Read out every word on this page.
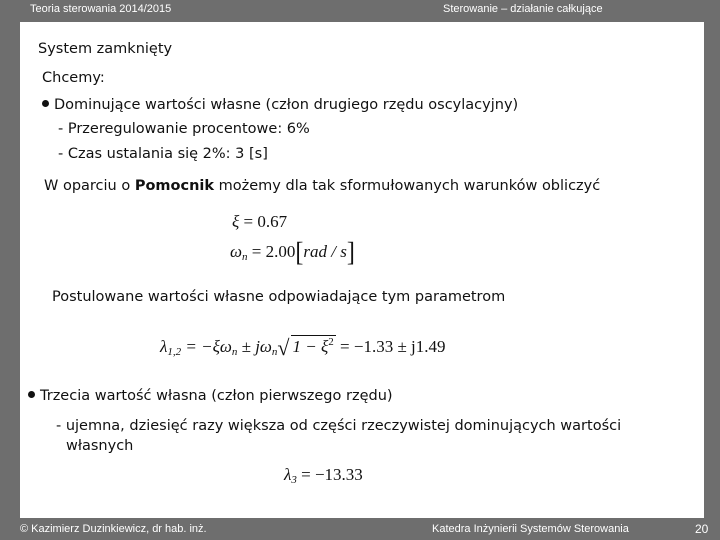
Teoria sterowania 2014/2015	Sterowanie – działanie całkujące
System zamknięty
Chcemy:
Dominujące wartości własne (człon drugiego rzędu oscylacyjny)
- Przeregulowanie procentowe: 6%
- Czas ustalania się 2%: 3 [s]
W oparciu o Pomocnik możemy dla tak sformułowanych warunków obliczyć
ξ = 0.67
$\omega_n = 2.00[rad / s]$
Postulowane wartości własne odpowiadające tym parametrom
$\lambda_{1,2} = -\xi\omega_n \pm j\omega_n√$ $1 - \xi^2 = -1.33 \pm j1.49$
Trzecia wartość własna (człon pierwszego rzędu)
- ujemna, dziesięć razy większa od części rzeczywistej dominujących wartości
własnych
$\lambda_3 = -13.33$
© Kazimierz Duzinkiewicz, dr hab. inż.	Katedra Inżynierii Systemów Sterowania	20
